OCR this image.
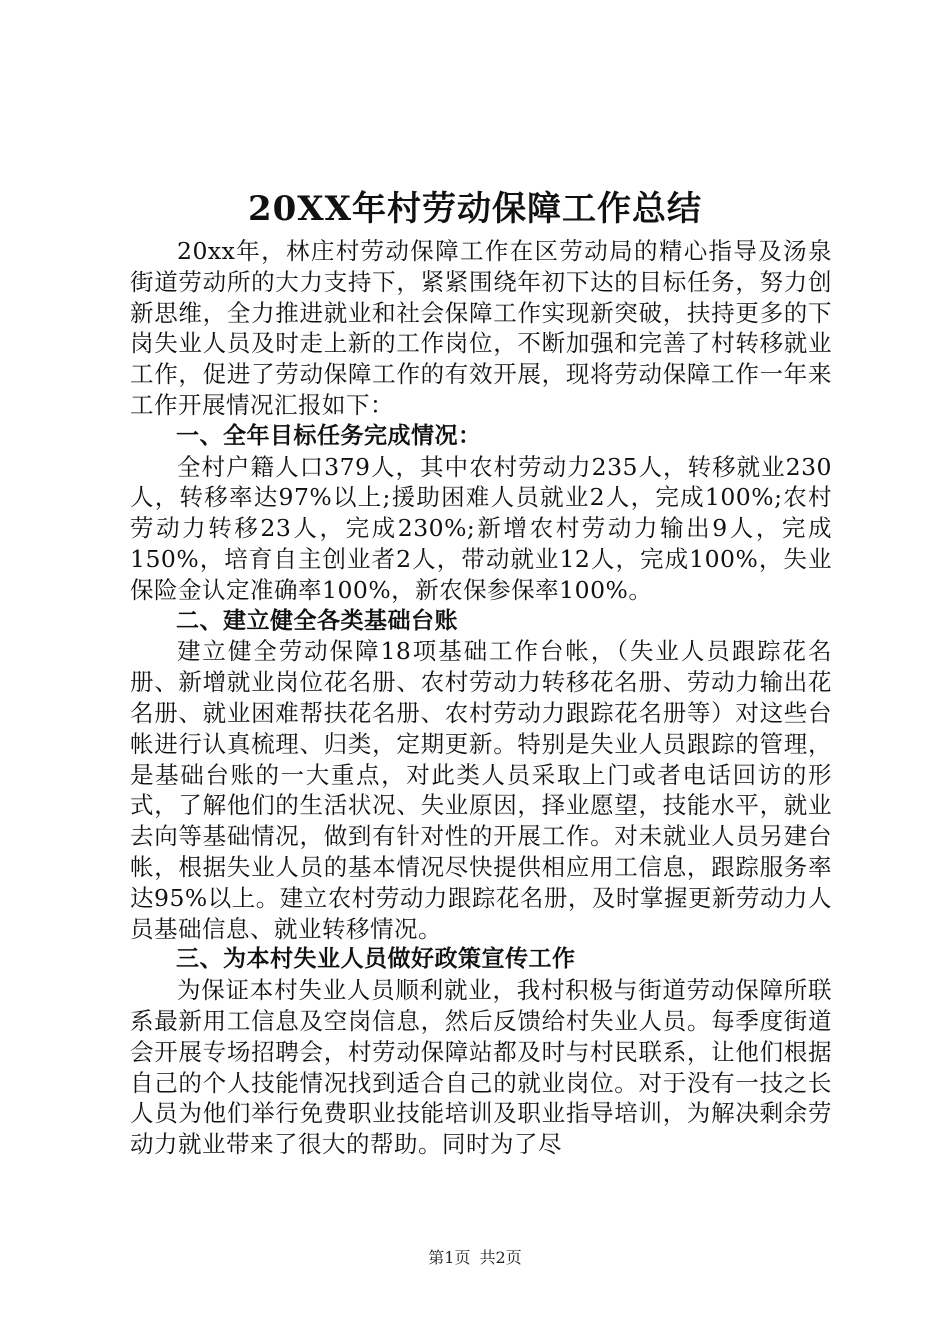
20XX年村劳动保障工作总结

20xx年，林庄村劳动保障工作在区劳动局的精心指导及汤泉街道劳动所的大力支持下，紧紧围绕年初下达的目标任务，努力创新思维，全力推进就业和社会保障工作实现新突破，扶持更多的下岗失业人员及时走上新的工作岗位，不断加强和完善了村转移就业工作，促进了劳动保障工作的有效开展，现将劳动保障工作一年来工作开展情况汇报如下：

一、全年目标任务完成情况：

全村户籍人口379人，其中农村劳动力235人，转移就业230人，转移率达97%以上;援助困难人员就业2人，完成100%;农村劳动力转移23人，完成230%;新增农村劳动力输出9人，完成150%，培育自主创业者2人，带动就业12人，完成100%，失业保险金认定准确率100%，新农保参保率100%。

二、建立健全各类基础台账

建立健全劳动保障18项基础工作台帐，（失业人员跟踪花名册、新增就业岗位花名册、农村劳动力转移花名册、劳动力输出花名册、就业困难帮扶花名册、农村劳动力跟踪花名册等）对这些台帐进行认真梳理、归类，定期更新。特别是失业人员跟踪的管理，是基础台账的一大重点，对此类人员采取上门或者电话回访的形式，了解他们的生活状况、失业原因，择业愿望，技能水平，就业去向等基础情况，做到有针对性的开展工作。对未就业人员另建台帐，根据失业人员的基本情况尽快提供相应用工信息，跟踪服务率达95%以上。建立农村劳动力跟踪花名册，及时掌握更新劳动力人员基础信息、就业转移情况。

三、为本村失业人员做好政策宣传工作

为保证本村失业人员顺利就业，我村积极与街道劳动保障所联系最新用工信息及空岗信息，然后反馈给村失业人员。每季度街道会开展专场招聘会，村劳动保障站都及时与村民联系，让他们根据自己的个人技能情况找到适合自己的就业岗位。对于没有一技之长人员为他们举行免费职业技能培训及职业指导培训，为解决剩余劳动力就业带来了很大的帮助。同时为了尽

第1页 共2页
